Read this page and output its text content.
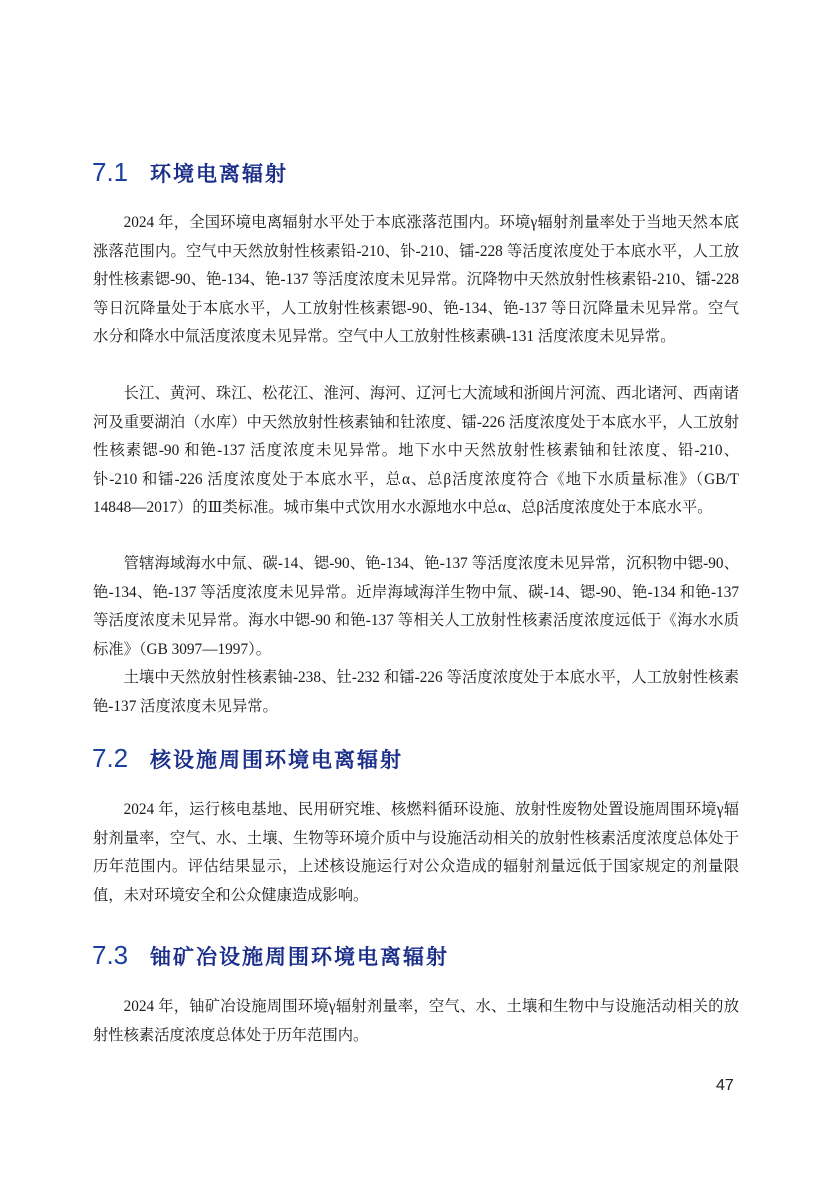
7.1	环境电离辐射

2024 年，全国环境电离辐射水平处于本底涨落范围内。环境γ辐射剂量率处于当地天然本底涨落范围内。空气中天然放射性核素铅-210、钋-210、镭-228 等活度浓度处于本底水平，人工放射性核素锶-90、铯-134、铯-137 等活度浓度未见异常。沉降物中天然放射性核素铅-210、镭-228 等日沉降量处于本底水平，人工放射性核素锶-90、铯-134、铯-137 等日沉降量未见异常。空气水分和降水中氚活度浓度未见异常。空气中人工放射性核素碘-131 活度浓度未见异常。

长江、黄河、珠江、松花江、淮河、海河、辽河七大流域和浙闽片河流、西北诸河、西南诸河及重要湖泊（水库）中天然放射性核素铀和钍浓度、镭-226 活度浓度处于本底水平，人工放射性核素锶-90 和铯-137 活度浓度未见异常。地下水中天然放射性核素铀和钍浓度、铅-210、钋-210 和镭-226 活度浓度处于本底水平，总α、总β活度浓度符合《地下水质量标准》（GB/T 14848—2017）的Ⅲ类标准。城市集中式饮用水水源地水中总α、总β活度浓度处于本底水平。

管辖海域海水中氚、碳-14、锶-90、铯-134、铯-137 等活度浓度未见异常，沉积物中锶-90、铯-134、铯-137 等活度浓度未见异常。近岸海域海洋生物中氚、碳-14、锶-90、铯-134 和铯-137 等活度浓度未见异常。海水中锶-90 和铯-137 等相关人工放射性核素活度浓度远低于《海水水质标准》（GB 3097—1997）。

土壤中天然放射性核素铀-238、钍-232 和镭-226 等活度浓度处于本底水平，人工放射性核素铯-137 活度浓度未见异常。

7.2	核设施周围环境电离辐射

2024 年，运行核电基地、民用研究堆、核燃料循环设施、放射性废物处置设施周围环境γ辐射剂量率，空气、水、土壤、生物等环境介质中与设施活动相关的放射性核素活度浓度总体处于历年范围内。评估结果显示，上述核设施运行对公众造成的辐射剂量远低于国家规定的剂量限值，未对环境安全和公众健康造成影响。

7.3	铀矿冶设施周围环境电离辐射

2024 年，铀矿冶设施周围环境γ辐射剂量率，空气、水、土壤和生物中与设施活动相关的放射性核素活度浓度总体处于历年范围内。

47
